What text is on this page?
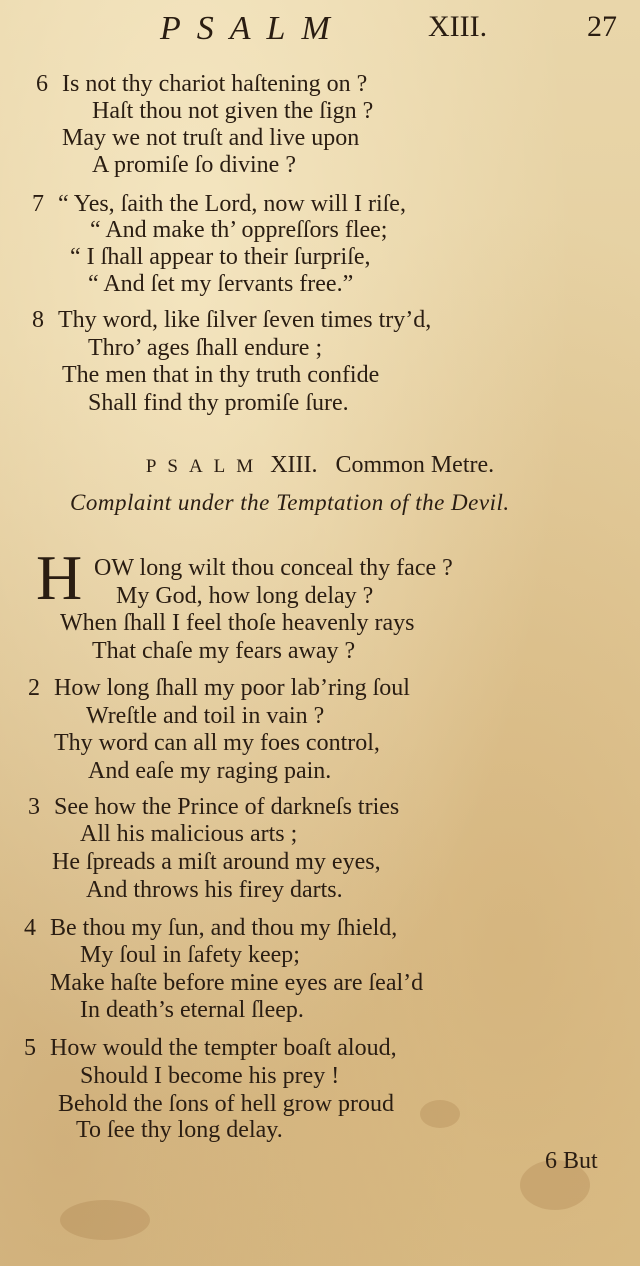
PSALM	XIII.	27
6 Is not thy chariot haſtening on ?
Haſt thou not given the ſign ?
May we not truſt and live upon
A promiſe ſo divine ?
7 “ Yes, ſaith the Lord, now will I riſe,
“ And make th’ oppreſſors flee;
“ I ſhall appear to their ſurpriſe,
“ And ſet my ſervants free.”
8 Thy word, like ſilver ſeven times try’d,
Thro’ ages ſhall endure ;
The men that in thy truth confide
Shall find thy promiſe ſure.
PSALM XIII. Common Metre.
Complaint under the Temptation of the Devil.
H OW long wilt thou conceal thy face ?
My God, how long delay ?
When ſhall I feel thoſe heavenly rays
That chaſe my fears away ?
2 How long ſhall my poor lab’ring ſoul
Wreſtle and toil in vain ?
Thy word can all my foes control,
And eaſe my raging pain.
3 See how the Prince of darkneſs tries
All his malicious arts ;
He ſpreads a miſt around my eyes,
And throws his firey darts.
4 Be thou my ſun, and thou my ſhield,
My ſoul in ſafety keep;
Make haſte before mine eyes are ſeal’d
In death’s eternal ſleep.
5 How would the tempter boaſt aloud,
Should I become his prey !
Behold the ſons of hell grow proud
To ſee thy long delay.
6 But
